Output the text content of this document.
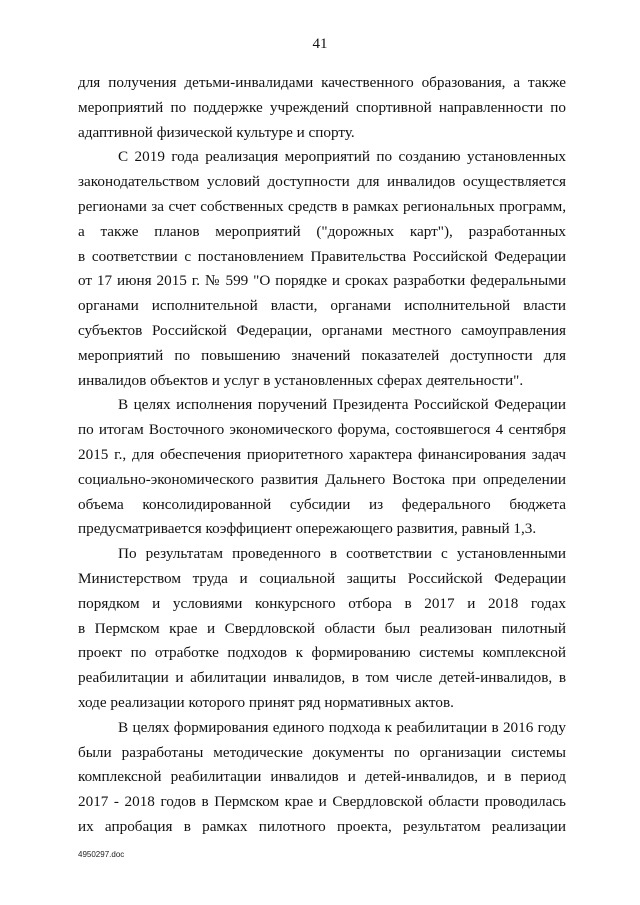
41
для получения детьми-инвалидами качественного образования, а также
мероприятий по поддержке учреждений спортивной направленности по
адаптивной физической культуре и спорту.
С 2019 года реализация мероприятий по созданию установленных
законодательством условий доступности для инвалидов осуществляется
регионами за счет собственных средств в рамках региональных программ,
а также планов мероприятий ("дорожных карт"), разработанных
в соответствии с постановлением Правительства Российской Федерации
от 17 июня 2015 г. № 599 "О порядке и сроках разработки федеральными
органами исполнительной власти, органами исполнительной власти
субъектов Российской Федерации, органами местного самоуправления
мероприятий по повышению значений показателей доступности для
инвалидов объектов и услуг в установленных сферах деятельности".
В целях исполнения поручений Президента Российской Федерации
по итогам Восточного экономического форума, состоявшегося 4 сентября
2015 г., для обеспечения приоритетного характера финансирования задач
социально-экономического развития Дальнего Востока при определении
объема консолидированной субсидии из федерального бюджета
предусматривается коэффициент опережающего развития, равный 1,3.
По результатам проведенного в соответствии с установленными
Министерством труда и социальной защиты Российской Федерации
порядком и условиями конкурсного отбора в 2017 и 2018 годах
в Пермском крае и Свердловской области был реализован пилотный
проект по отработке подходов к формированию системы комплексной
реабилитации и абилитации инвалидов, в том числе детей-инвалидов, в
ходе реализации которого принят ряд нормативных актов.
В целях формирования единого подхода к реабилитации в 2016 году
были разработаны методические документы по организации системы
комплексной реабилитации инвалидов и детей-инвалидов, и в период
2017 - 2018 годов в Пермском крае и Свердловской области проводилась
их апробация в рамках пилотного проекта, результатом реализации
4950297.doc
